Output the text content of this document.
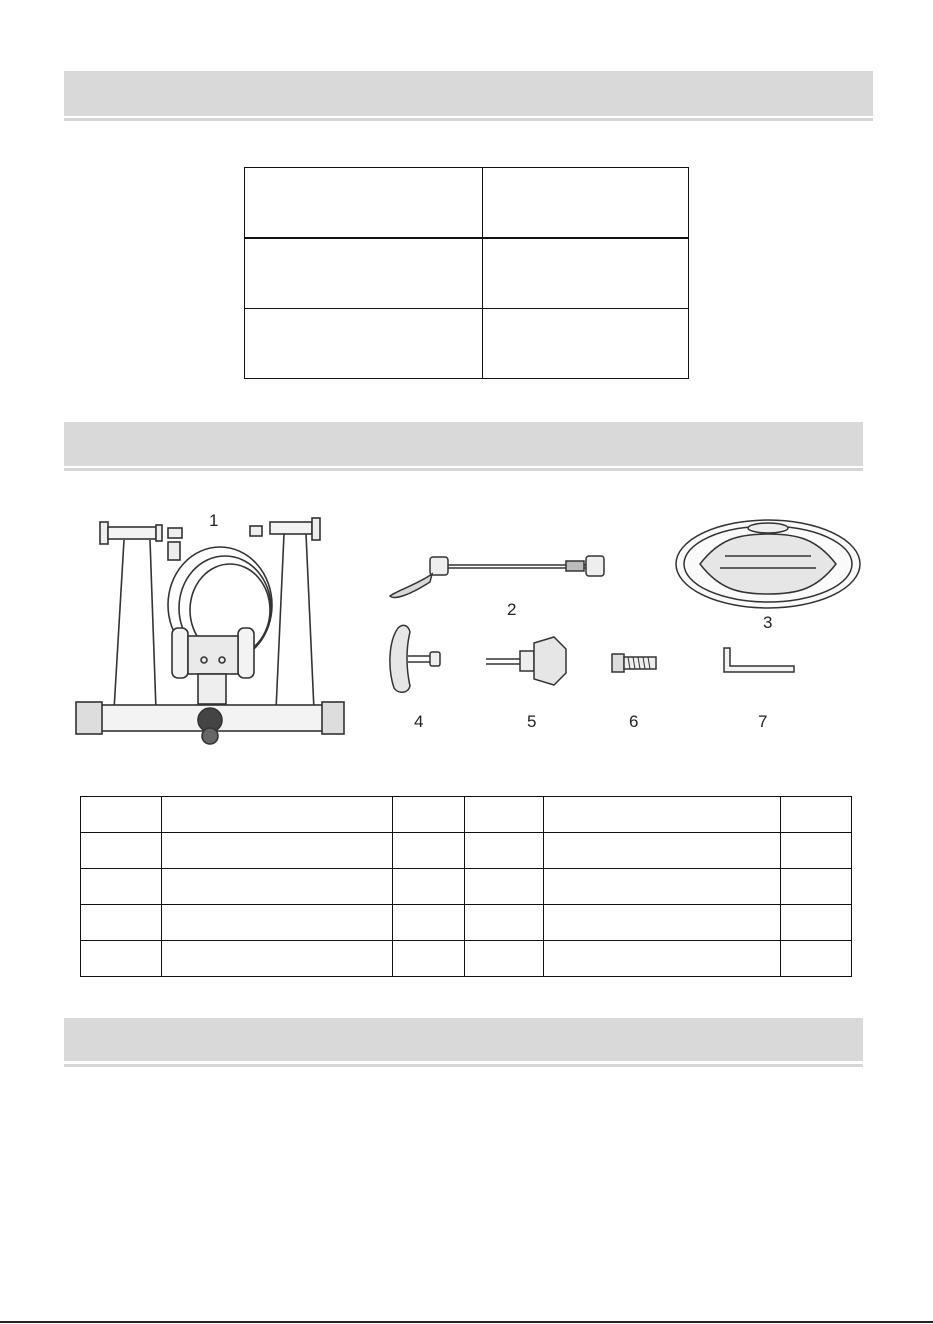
1
2
3
4	5	6	7
